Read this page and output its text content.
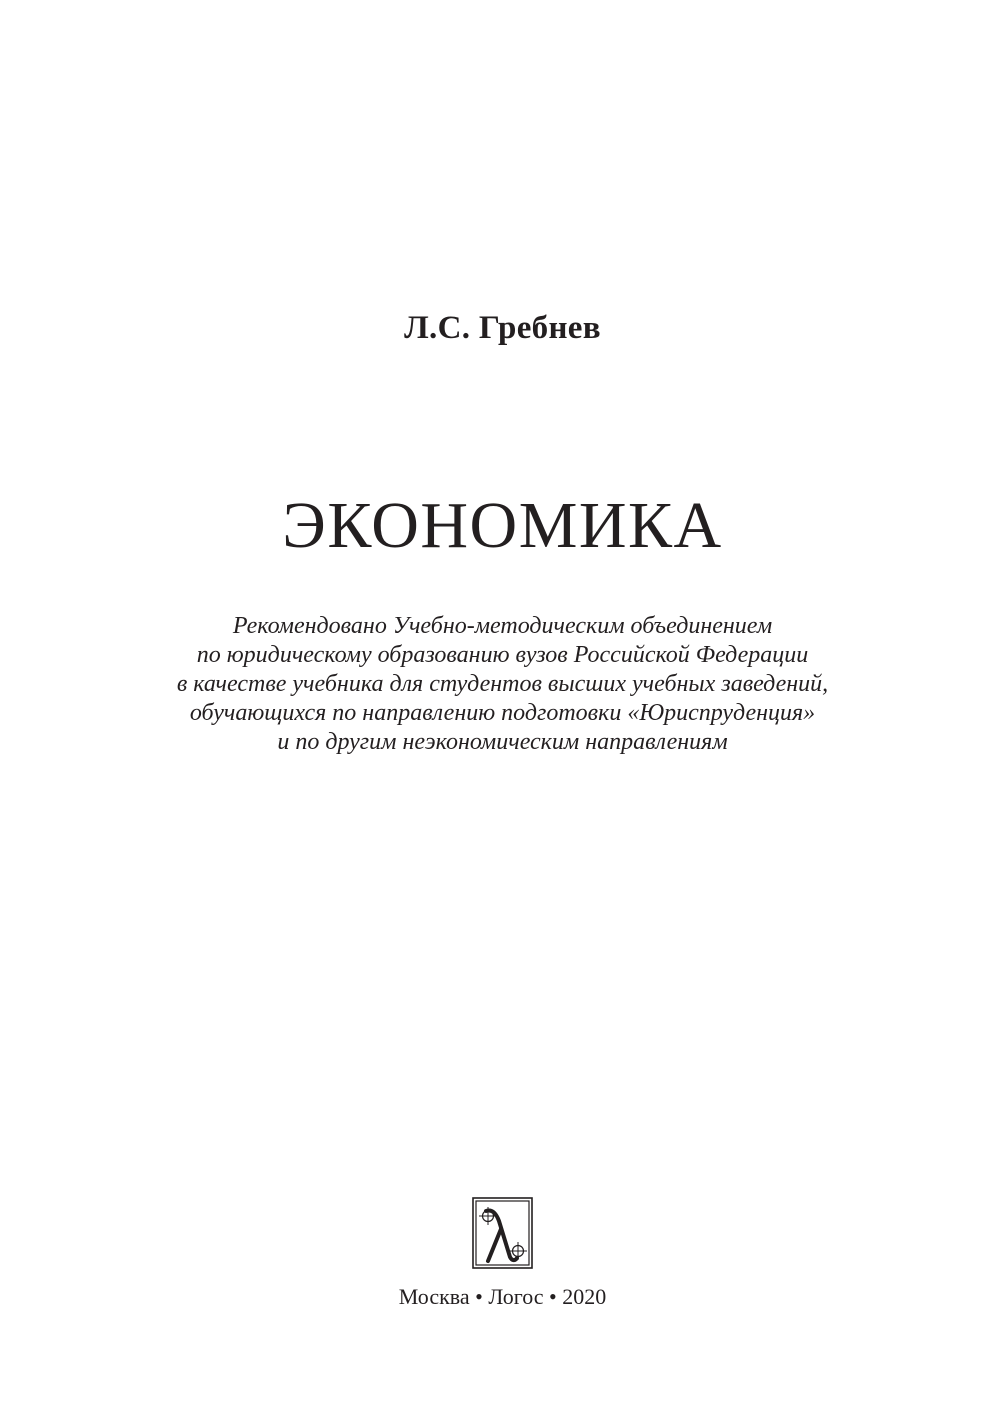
Л.С. Гребнев
ЭКОНОМИКА
Рекомендовано Учебно-методическим объединением
по юридическому образованию вузов Российской Федерации
в качестве учебника для студентов высших учебных заведений,
обучающихся по направлению подготовки «Юриспруденция»
и по другим неэкономическим направлениям
Москва • Логос • 2020
